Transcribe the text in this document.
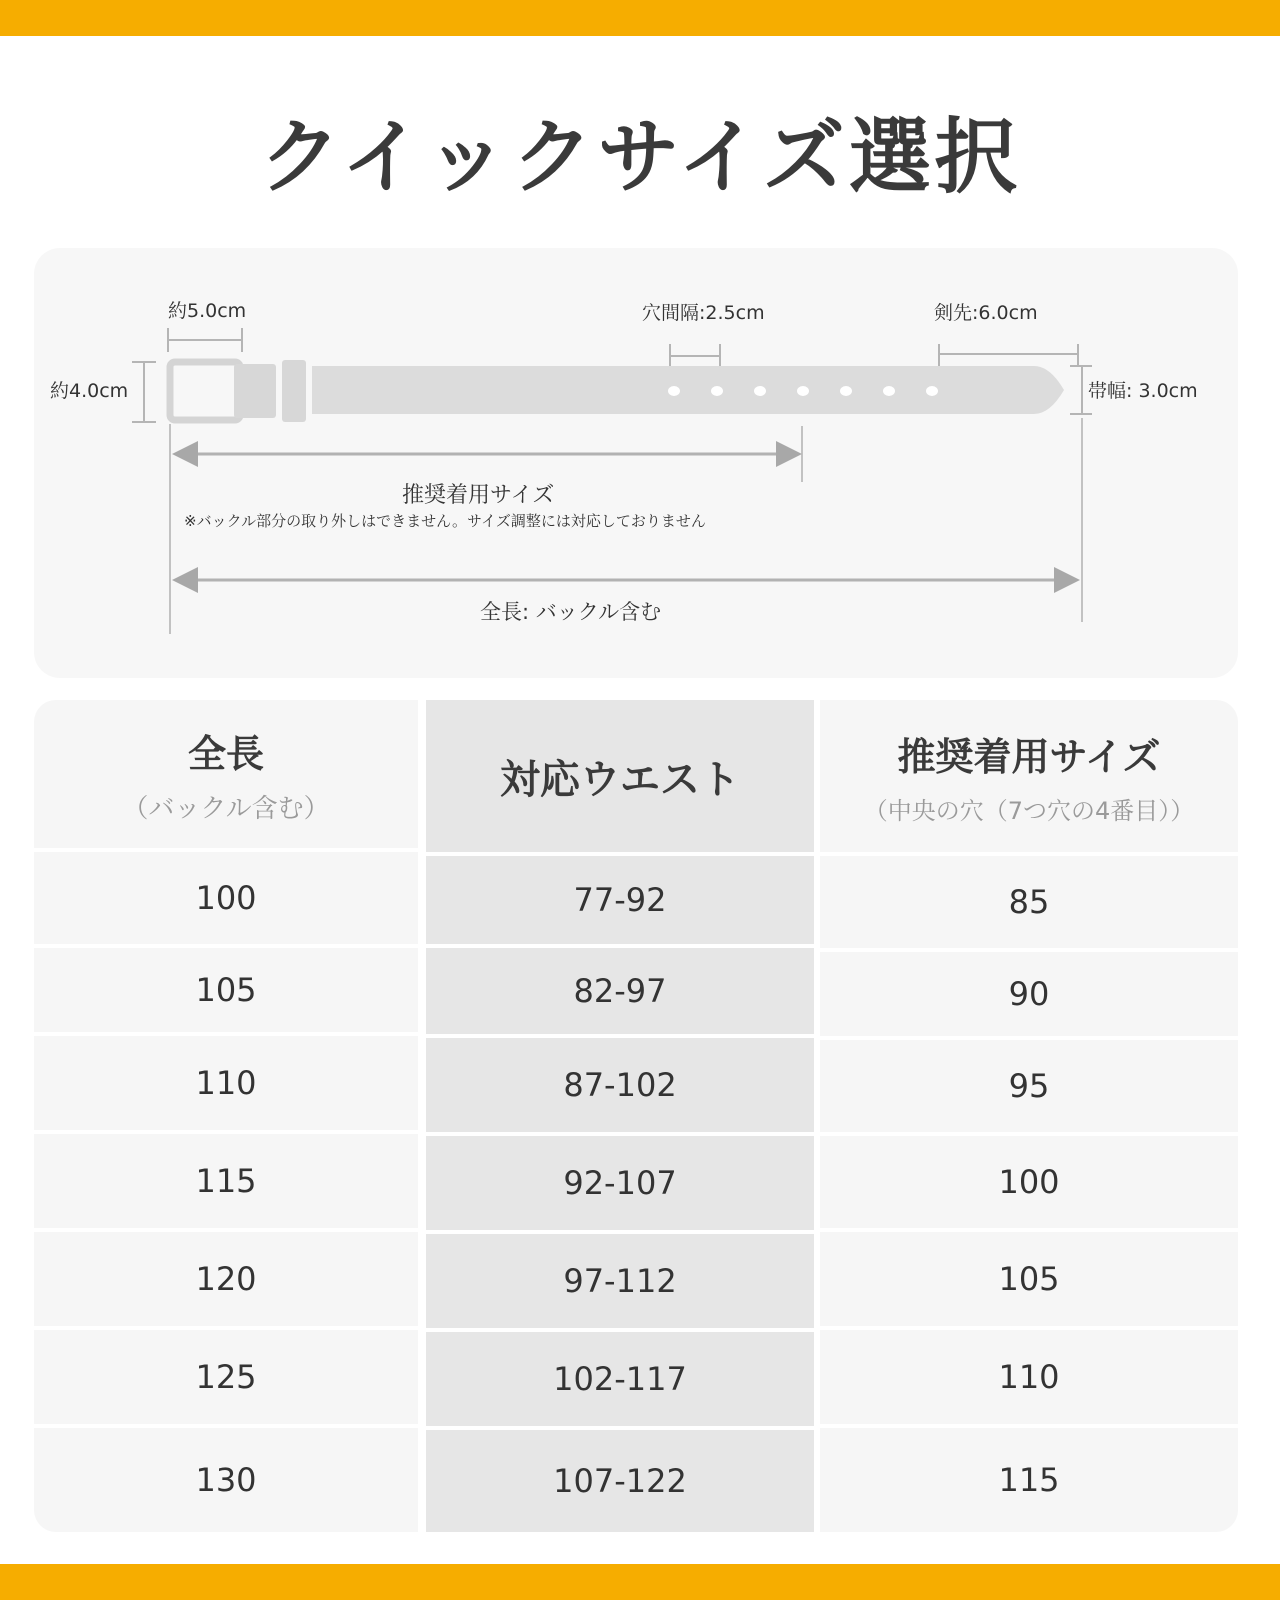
クイックサイズ選択
約5.0cm
約4.0cm
穴間隔:2.5cm	剣先:6.0cm
帯幅: 3.0cm
推奨着用サイズ
※バックル部分の取り外しはできません。サイズ調整には対応しておりません
全長: バックル含む
全長
（バックル含む）
100
105
110
115
120
125
130
対応ウエスト
77-92
82-97
87-102
92-107
97-112
102-117
107-122
推奨着用サイズ
（中央の穴（7つ穴の4番目））
85
90
95
100
105
110
115
